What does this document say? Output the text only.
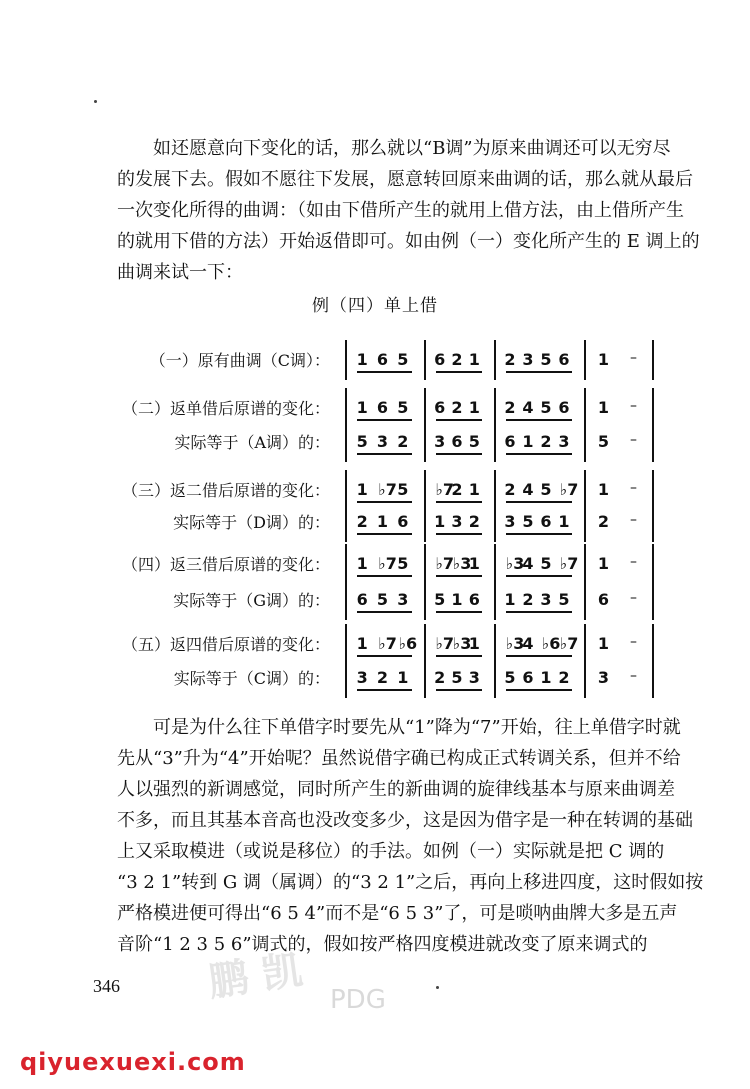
如还愿意向下变化的话，那么就以“B调”为原来曲调还可以无穷尽
的发展下去。假如不愿往下发展，愿意转回原来曲调的话，那么就从最后
一次变化所得的曲调：（如由下借所产生的就用上借方法，由上借所产生
的就用下借的方法）开始返借即可。如由例（一）变化所产生的 E 调上的
曲调来试一下：

例（四）单上借
（一）原有曲调（C调）： 1 6 5 6 2 1 2 3 5 6 1 –
（二）返单借后原谱的变化： 1 6 5 6 2 1 2 4 5 6 1 –
实际等于（A调）的： 5 3 2 3 6 5 6 1 2 3 5 –
（三）返二借后原谱的变化： 1 ♭7 5 ♭7
2 1 2 4 5 ♭7 1 –
实际等于（D调）的： 2 1 6 1 3 2 3 5 6 1 2 –
（四）返三借后原谱的变化： 1 ♭7 5 ♭7
♭3
1 ♭3
4 5 ♭7 1 –
实际等于（G调）的： 6 5 3 5 1 6 1 2 3 5 6 –
（五）返四借后原谱的变化： 1 ♭7 ♭6 ♭7
♭3
1 ♭3
4 ♭6 ♭7 1 –
实际等于（C调）的： 3 2 1 2 5 3 5 6 1 2 3 –

可是为什么往下单借字时要先从“1”降为“7”开始，往上单借字时就
先从“3”升为“4”开始呢？虽然说借字确已构成正式转调关系，但并不给
人以强烈的新调感觉，同时所产生的新曲调的旋律线基本与原来曲调差
不多，而且其基本音高也没改变多少，这是因为借字是一种在转调的基础
上又采取模进（或说是移位）的手法。如例（一）实际就是把 C 调的
“3 2 1”转到 G 调（属调）的“3 2 1”之后，再向上移进四度，这时假如按
严格模进便可得出“6 5 4”而不是“6 5 3”了，可是唢呐曲牌大多是五声
音阶“1 2 3 5 6”调式的，假如按严格四度模进就改变了原来调式的

鹏 凯 PDG
346
qiyuexuexi.com
